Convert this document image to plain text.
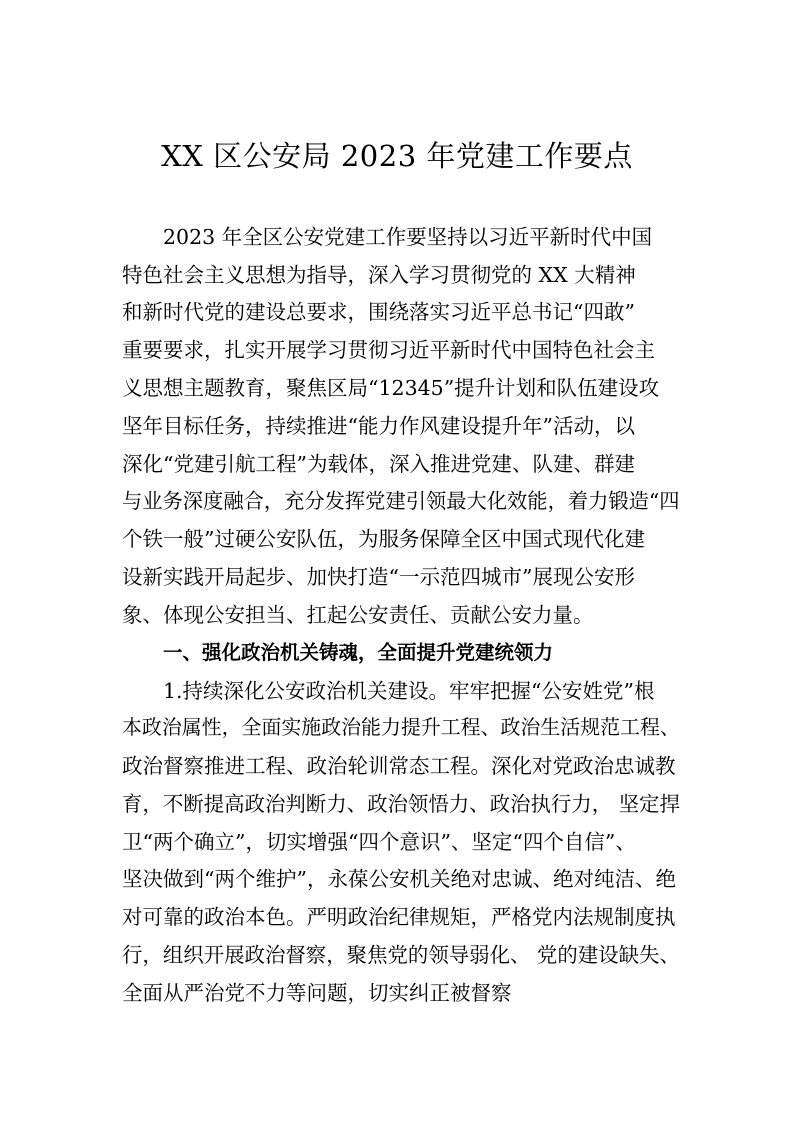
XX 区公安局 2023 年党建工作要点
2023 年全区公安党建工作要坚持以习近平新时代中国
特色社会主义思想为指导，深入学习贯彻党的 XX 大精神
和新时代党的建设总要求，围绕落实习近平总书记“四敢”
重要要求，扎实开展学习贯彻习近平新时代中国特色社会主
义思想主题教育，聚焦区局“12345”提升计划和队伍建设攻
坚年目标任务，持续推进“能力作风建设提升年”活动，以
深化“党建引航工程”为载体，深入推进党建、队建、群建
与业务深度融合，充分发挥党建引领最大化效能，着力锻造“四
个铁一般”过硬公安队伍，为服务保障全区中国式现代化建
设新实践开局起步、加快打造“一示范四城市”展现公安形
象、体现公安担当、扛起公安责任、贡献公安力量。
一、强化政治机关铸魂，全面提升党建统领力
1.持续深化公安政治机关建设。牢牢把握“公安姓党”根
本政治属性，全面实施政治能力提升工程、政治生活规范工程、
政治督察推进工程、政治轮训常态工程。深化对党政治忠诚教
育，不断提高政治判断力、政治领悟力、政治执行力， 坚定捍
卫“两个确立”，切实增强“四个意识”、坚定“四个自信”、
坚决做到“两个维护”，永葆公安机关绝对忠诚、绝对纯洁、绝
对可靠的政治本色。严明政治纪律规矩，严格党内法规制度执
行，组织开展政治督察，聚焦党的领导弱化、 党的建设缺失、
全面从严治党不力等问题，切实纠正被督察
